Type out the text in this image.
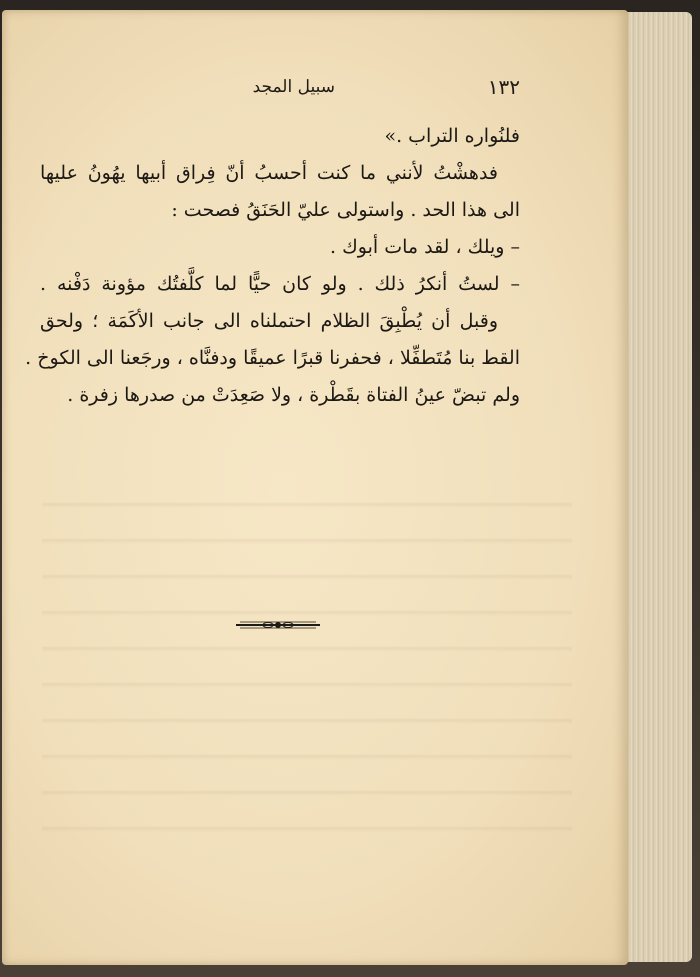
١٣٢
سبيل المجد
فلنُواره التراب .»
فدهشْتُ لأنني ما كنت أحسبُ أنّ فِراق أبيها يهُونُ عليها
الى هذا الحد . واستولى عليّ الحَنَقُ فصحت :
– ويلك ، لقد مات أبوك .
– لستُ أنكرُ ذلك . ولو كان حيًّا لما كلَّفتُك مؤونة دَفْنه .
وقبل أن يُطْبِقَ الظلام احتملناه الى جانب الأكَمَة ؛ ولحق
القط بنا مُتَطفِّلا ، فحفرنا قبرًا عميقًا ودفنَّاه ، ورجَعنا الى الكوخ .
ولم تبضّ عينُ الفتاة بقَطْرة ، ولا صَعِدَتْ من صدرها زفرة .
